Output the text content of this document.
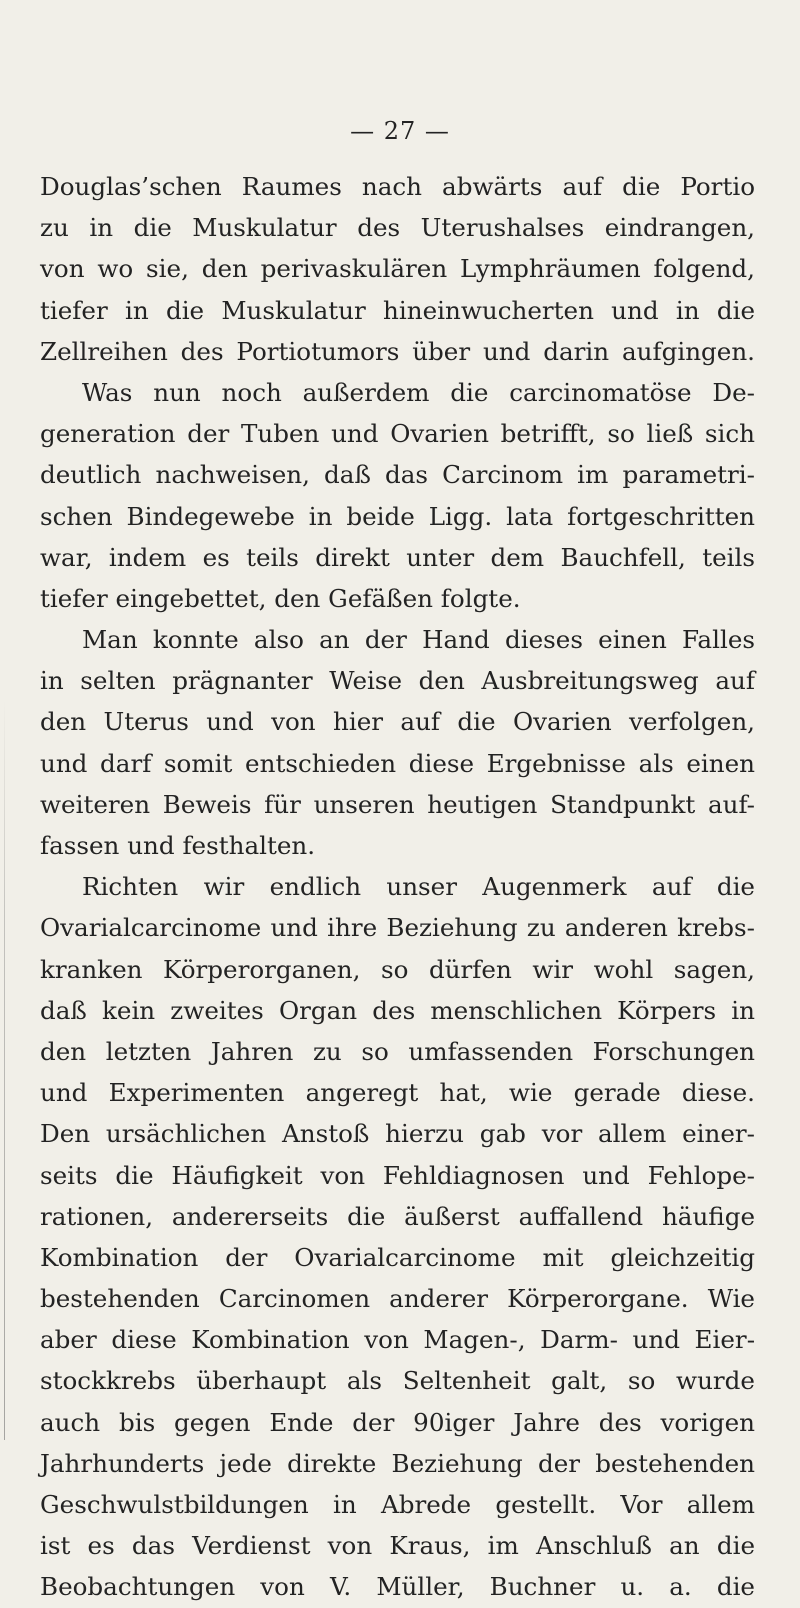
— 27 —
Douglas’schen Raumes nach abwärts auf die Portio
zu in die Muskulatur des Uterushalses eindrangen,
von wo sie, den perivaskulären Lymphräumen folgend,
tiefer in die Muskulatur hineinwucherten und in die
Zellreihen des Portiotumors über und darin aufgingen.
Was nun noch außerdem die carcinomatöse De-
generation der Tuben und Ovarien betrifft, so ließ sich
deutlich nachweisen, daß das Carcinom im parametri-
schen Bindegewebe in beide Ligg. lata fortgeschritten
war, indem es teils direkt unter dem Bauchfell, teils
tiefer eingebettet, den Gefäßen folgte.
Man konnte also an der Hand dieses einen Falles
in selten prägnanter Weise den Ausbreitungsweg auf
den Uterus und von hier auf die Ovarien verfolgen,
und darf somit entschieden diese Ergebnisse als einen
weiteren Beweis für unseren heutigen Standpunkt auf-
fassen und festhalten.
Richten wir endlich unser Augenmerk auf die
Ovarialcarcinome und ihre Beziehung zu anderen krebs-
kranken Körperorganen, so dürfen wir wohl sagen,
daß kein zweites Organ des menschlichen Körpers in
den letzten Jahren zu so umfassenden Forschungen
und Experimenten angeregt hat, wie gerade diese.
Den ursächlichen Anstoß hierzu gab vor allem einer-
seits die Häufigkeit von Fehldiagnosen und Fehlope-
rationen, andererseits die äußerst auffallend häufige
Kombination der Ovarialcarcinome mit gleichzeitig
bestehenden Carcinomen anderer Körperorgane. Wie
aber diese Kombination von Magen-, Darm- und Eier-
stockkrebs überhaupt als Seltenheit galt, so wurde
auch bis gegen Ende der 90iger Jahre des vorigen
Jahrhunderts jede direkte Beziehung der bestehenden
Geschwulstbildungen in Abrede gestellt. Vor allem
ist es das Verdienst von Kraus, im Anschluß an die
Beobachtungen von V. Müller, Buchner u. a. die
